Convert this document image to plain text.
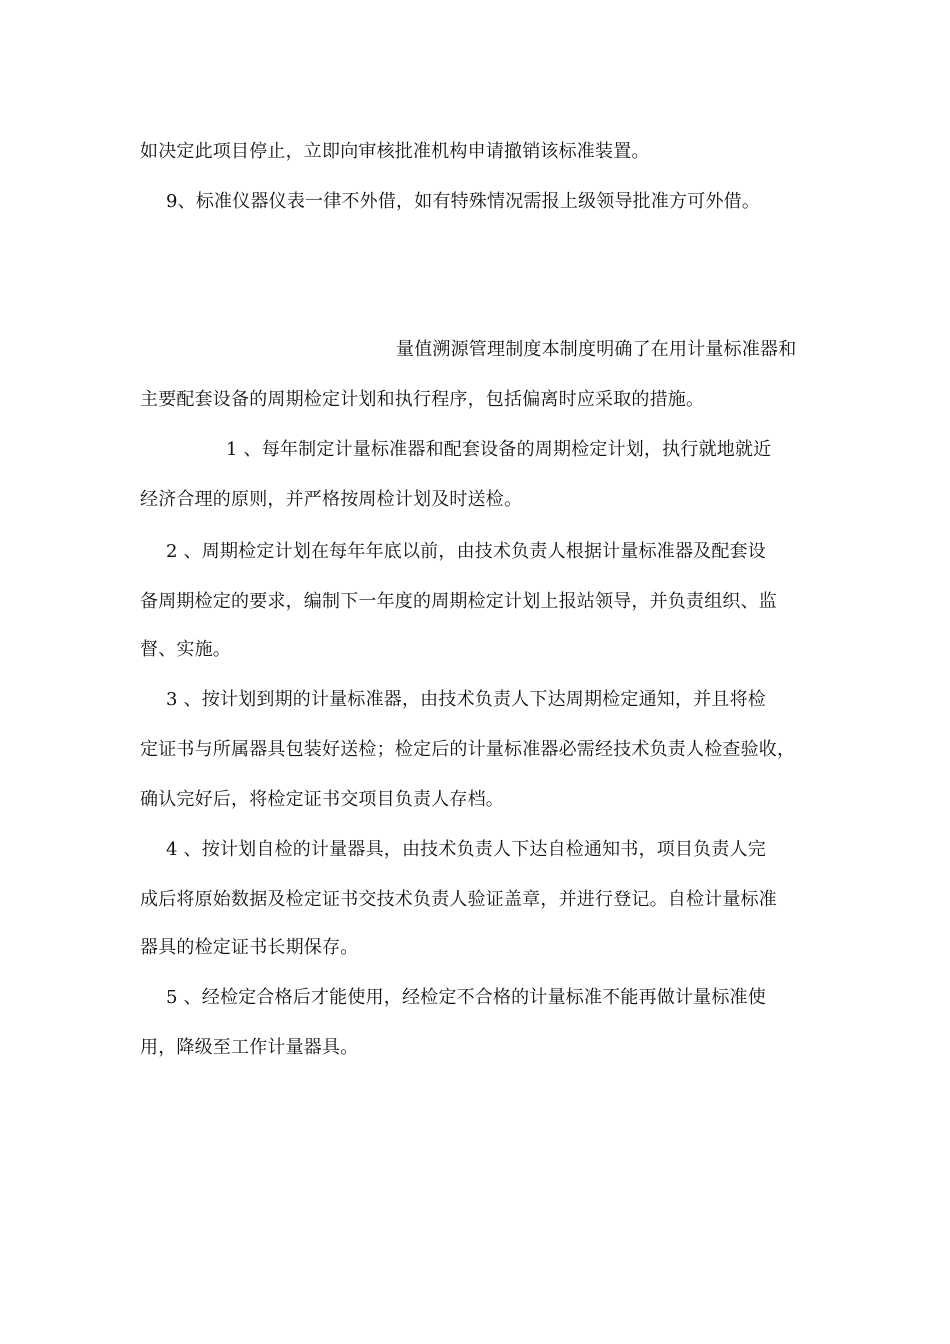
如决定此项目停止，立即向审核批准机构申请撤销该标准装置。
9、标准仪器仪表一律不外借，如有特殊情况需报上级领导批准方可外借。
量值溯源管理制度本制度明确了在用计量标准器和
主要配套设备的周期检定计划和执行程序，包括偏离时应采取的措施。
1 、每年制定计量标准器和配套设备的周期检定计划，执行就地就近
经济合理的原则，并严格按周检计划及时送检。
2 、周期检定计划在每年年底以前，由技术负责人根据计量标准器及配套设
备周期检定的要求，编制下一年度的周期检定计划上报站领导，并负责组织、监
督、实施。
3 、按计划到期的计量标准器，由技术负责人下达周期检定通知，并且将检
定证书与所属器具包装好送检；检定后的计量标准器必需经技术负责人检查验收，
确认完好后，将检定证书交项目负责人存档。
4 、按计划自检的计量器具，由技术负责人下达自检通知书，项目负责人完
成后将原始数据及检定证书交技术负责人验证盖章，并进行登记。自检计量标准
器具的检定证书长期保存。
5 、经检定合格后才能使用，经检定不合格的计量标准不能再做计量标准使
用，降级至工作计量器具。
